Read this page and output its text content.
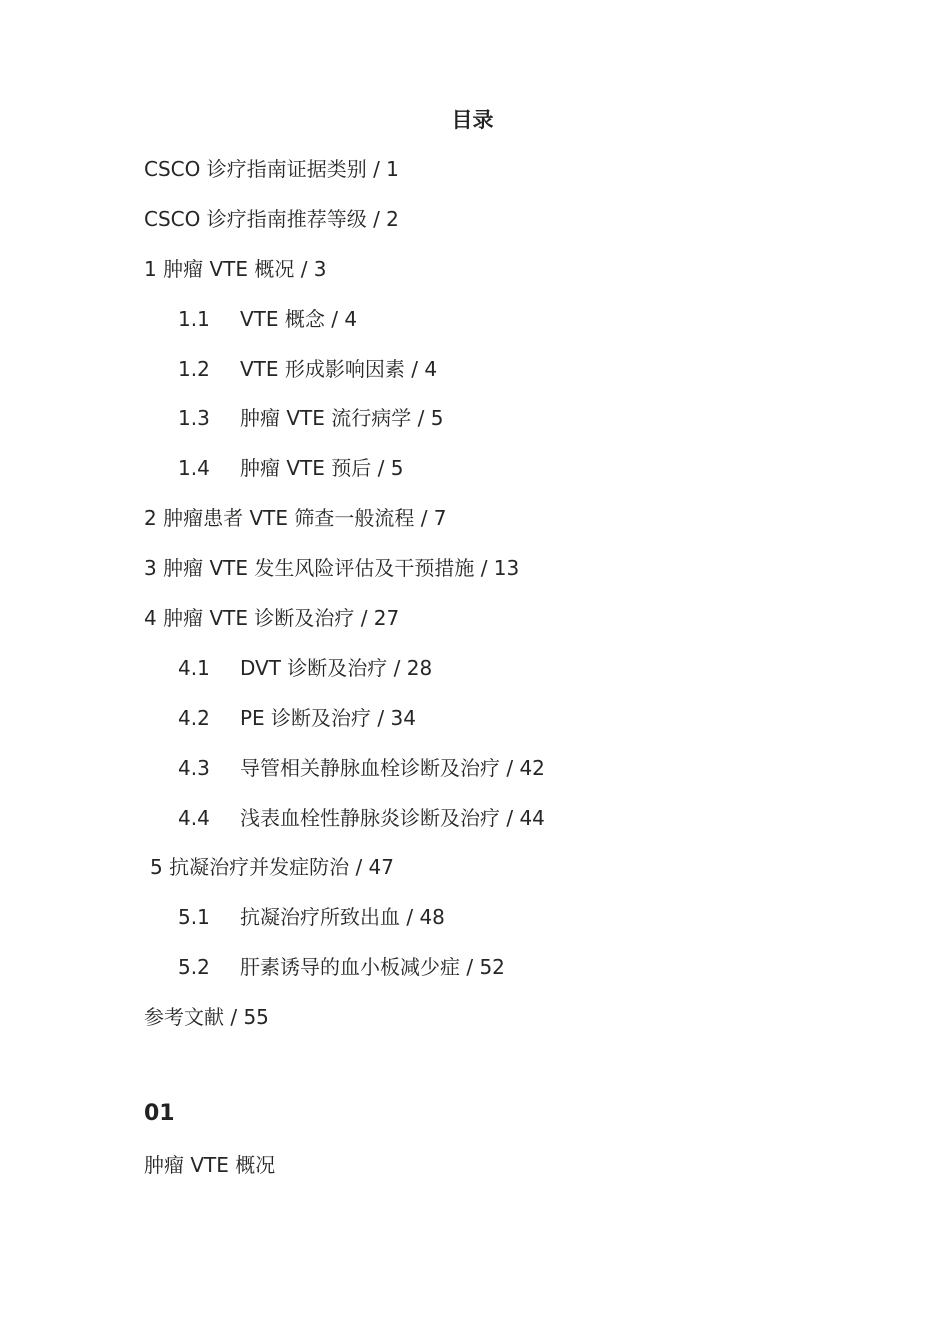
目录
CSCO 诊疗指南证据类别 / 1
CSCO 诊疗指南推荐等级 / 2
1 肿瘤 VTE 概况 / 3
1.1 VTE 概念 / 4
1.2 VTE 形成影响因素 / 4
1.3 肿瘤 VTE 流行病学 / 5
1.4 肿瘤 VTE 预后 / 5
2 肿瘤患者 VTE 筛查一般流程 / 7
3 肿瘤 VTE 发生风险评估及干预措施 / 13
4 肿瘤 VTE 诊断及治疗 / 27
4.1 DVT 诊断及治疗 / 28
4.2 PE 诊断及治疗 / 34
4.3 导管相关静脉血栓诊断及治疗 / 42
4.4 浅表血栓性静脉炎诊断及治疗 / 44
5 抗凝治疗并发症防治 / 47
5.1 抗凝治疗所致出血 / 48
5.2 肝素诱导的血小板减少症 / 52
参考文献 / 55
01
肿瘤 VTE 概况
